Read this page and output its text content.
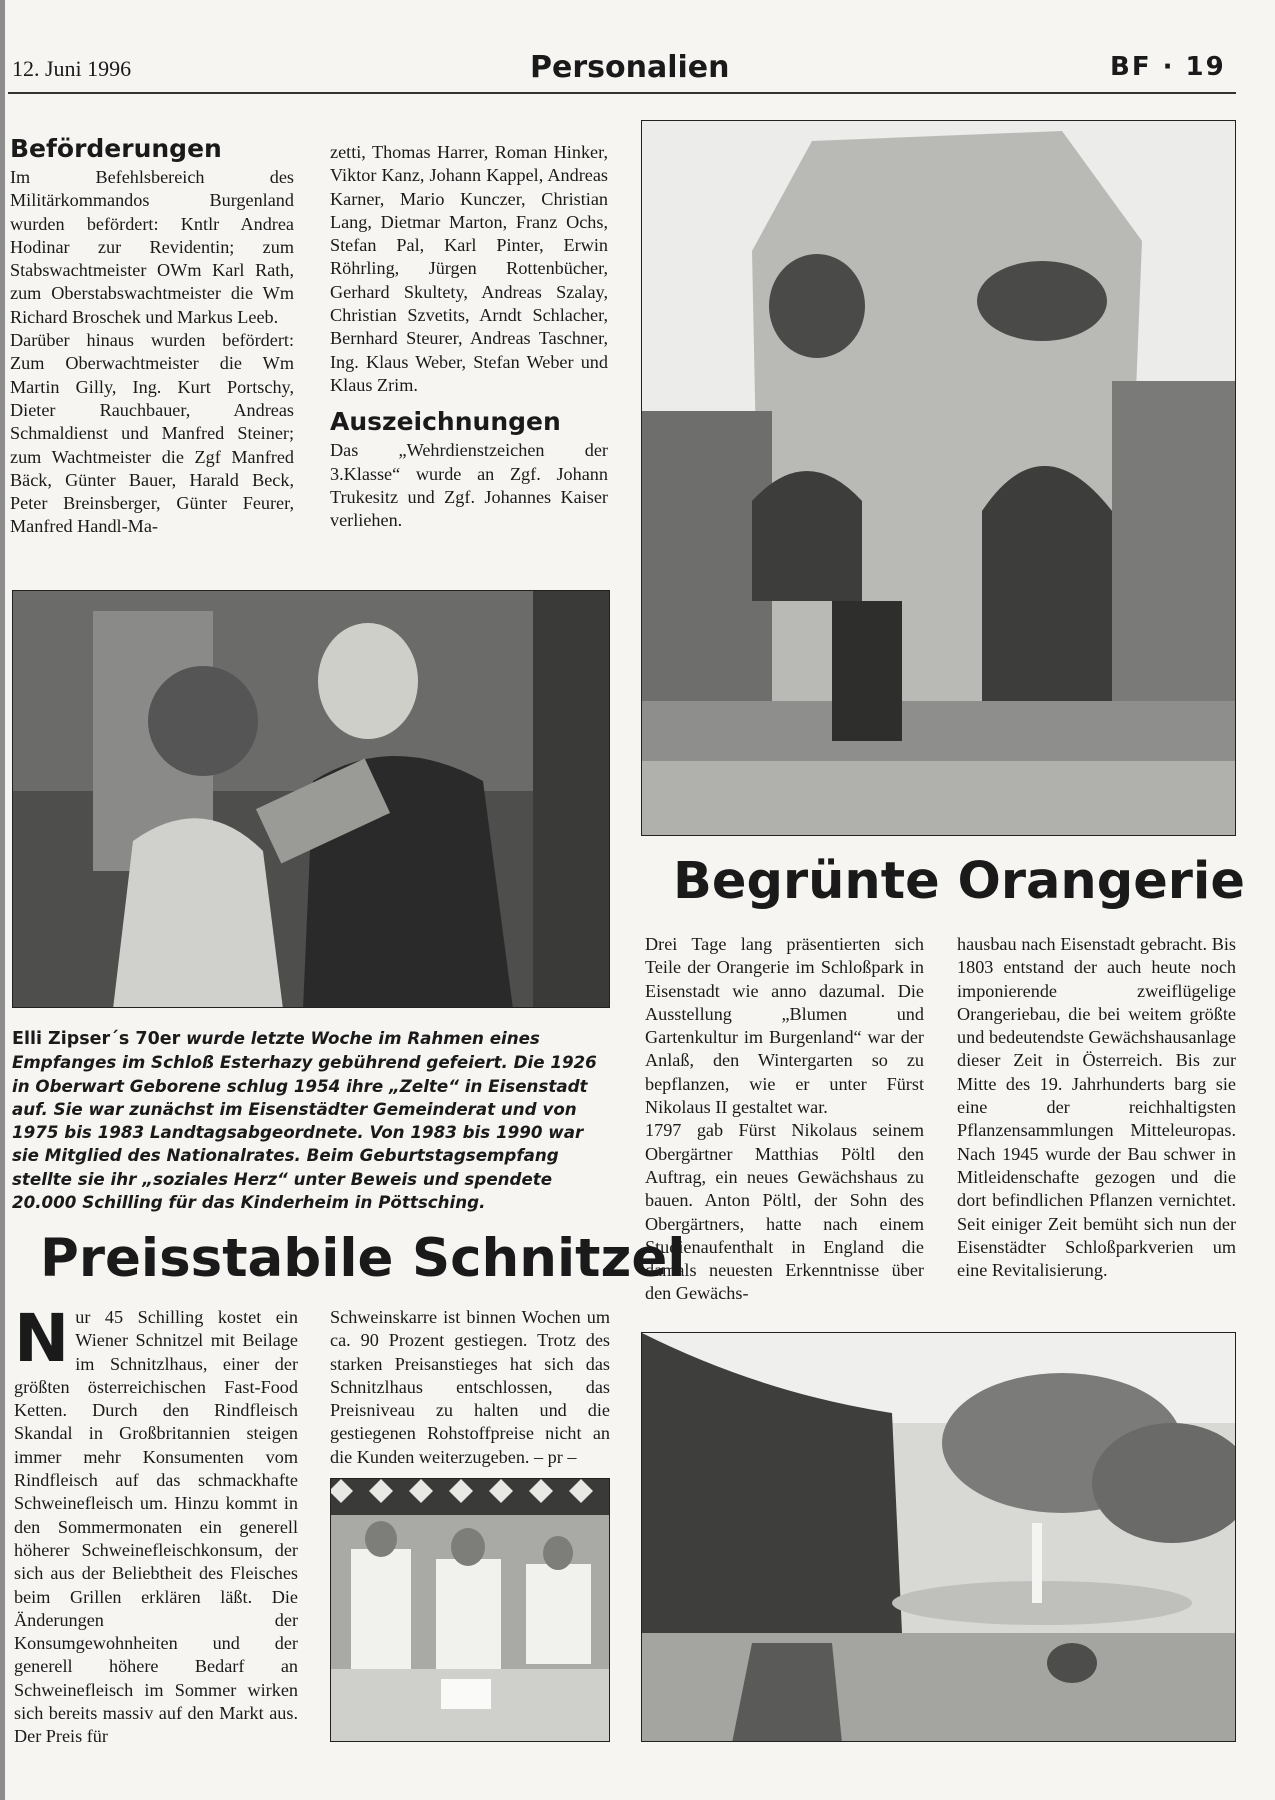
12. Juni 1996	Personalien	BF · 19
Beförderungen

Im Befehlsbereich des Militärkommandos Burgenland wurden befördert: Kntlr Andrea Hodinar zur Revidentin; zum Stabswachtmeister OWm Karl Rath, zum Oberstabswachtmeister die Wm Richard Broschek und Markus Leeb.

Darüber hinaus wurden befördert: Zum Oberwachtmeister die Wm Martin Gilly, Ing. Kurt Portschy, Dieter Rauchbauer, Andreas Schmaldienst und Manfred Steiner; zum Wachtmeister die Zgf Manfred Bäck, Günter Bauer, Harald Beck, Peter Breinsberger, Günter Feurer, Manfred Handl-Ma-

zetti, Thomas Harrer, Roman Hinker, Viktor Kanz, Johann Kappel, Andreas Karner, Mario Kunczer, Christian Lang, Dietmar Marton, Franz Ochs, Stefan Pal, Karl Pinter, Erwin Röhrling, Jürgen Rottenbücher, Gerhard Skultety, Andreas Szalay, Christian Szvetits, Arndt Schlacher, Bernhard Steurer, Andreas Taschner, Ing. Klaus Weber, Stefan Weber und Klaus Zrim.

Auszeichnungen

Das „Wehrdienstzeichen der 3.Klasse“ wurde an Zgf. Johann Trukesitz und Zgf. Johannes Kaiser verliehen.

Elli Zipser´s 70er wurde letzte Woche im Rahmen eines Empfanges im Schloß Esterhazy gebührend gefeiert. Die 1926 in Oberwart Geborene schlug 1954 ihre „Zelte“ in Eisenstadt auf. Sie war zunächst im Eisenstädter Gemeinderat und von 1975 bis 1983 Landtagsabgeordnete. Von 1983 bis 1990 war sie Mitglied des Nationalrates. Beim Geburtstagsempfang stellte sie ihr „soziales Herz“ unter Beweis und spendete 20.000 Schilling für das Kinderheim in Pöttsching.
Begrünte Orangerie

Drei Tage lang präsentierten sich Teile der Orangerie im Schloßpark in Eisenstadt wie anno dazumal. Die Ausstellung „Blumen und Gartenkultur im Burgenland“ war der Anlaß, den Wintergarten so zu bepflanzen, wie er unter Fürst Nikolaus II gestaltet war.

1797 gab Fürst Nikolaus seinem Obergärtner Matthias Pöltl den Auftrag, ein neues Gewächshaus zu bauen. Anton Pöltl, der Sohn des Obergärtners, hatte nach einem Studienaufenthalt in England die damals neuesten Erkenntnisse über den Gewächs-

hausbau nach Eisenstadt gebracht. Bis 1803 entstand der auch heute noch imponierende zweiflügelige Orangeriebau, die bei weitem größte und bedeutendste Gewächshausanlage dieser Zeit in Österreich. Bis zur Mitte des 19. Jahrhunderts barg sie eine der reichhaltigsten Pflanzensammlungen Mitteleuropas. Nach 1945 wurde der Bau schwer in Mitleidenschafte gezogen und die dort befindlichen Pflanzen vernichtet. Seit einiger Zeit bemüht sich nun der Eisenstädter Schloßparkverien um eine Revitalisierung.

Preisstabile Schnitzel
N ur 45 Schilling kostet ein Wiener Schnitzel mit Beilage im Schnitzlhaus, einer der größten österreichischen Fast-Food Ketten. Durch den Rindfleisch Skandal in Großbritannien steigen immer mehr Konsumenten vom Rindfleisch auf das schmackhafte Schweinefleisch um. Hinzu kommt in den Sommermonaten ein generell höherer Schweinefleischkonsum, der sich aus der Beliebtheit des Fleisches beim Grillen erklären läßt. Die Änderungen der Konsumgewohnheiten und der generell höhere Bedarf an Schweinefleisch im Sommer wirken sich bereits massiv auf den Markt aus. Der Preis für

Schweinskarre ist binnen Wochen um ca. 90 Prozent gestiegen. Trotz des starken Preisanstieges hat sich das Schnitzlhaus entschlossen, das Preisniveau zu halten und die gestiegenen Rohstoffpreise nicht an die Kunden weiterzugeben. – pr –
